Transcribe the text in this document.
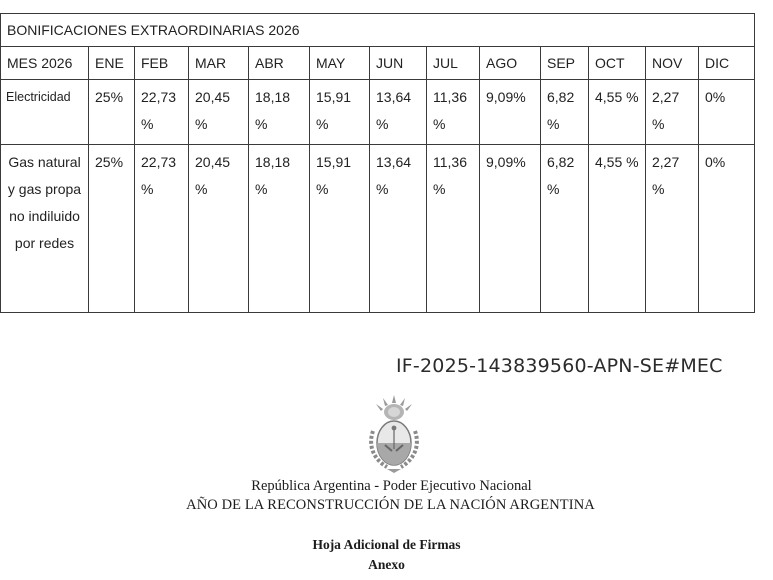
BONIFICACIONES EXTRAORDINARIAS 2026												
MES 2026	ENE	FEB	MAR	ABR	MAY	JUN	JUL	AGO	SEP	OCT	NOV	DIC
Electricidad	25%	22,73 %	20,45 %	18,18 %	15,91 %	13,64 %	11,36 %	9,09%	6,82 %	4,55 %	2,27 %	0%
Gas natural y gas propano indiluido por redes	25%	22,73 %	20,45 %	18,18 %	15,91 %	13,64 %	11,36 %	9,09%	6,82 %	4,55 %	2,27 %	0%
IF-2025-143839560-APN-SE#MEC
República Argentina - Poder Ejecutivo Nacional
AÑO DE LA RECONSTRUCCIÓN DE LA NACIÓN ARGENTINA
Hoja Adicional de Firmas
Anexo
